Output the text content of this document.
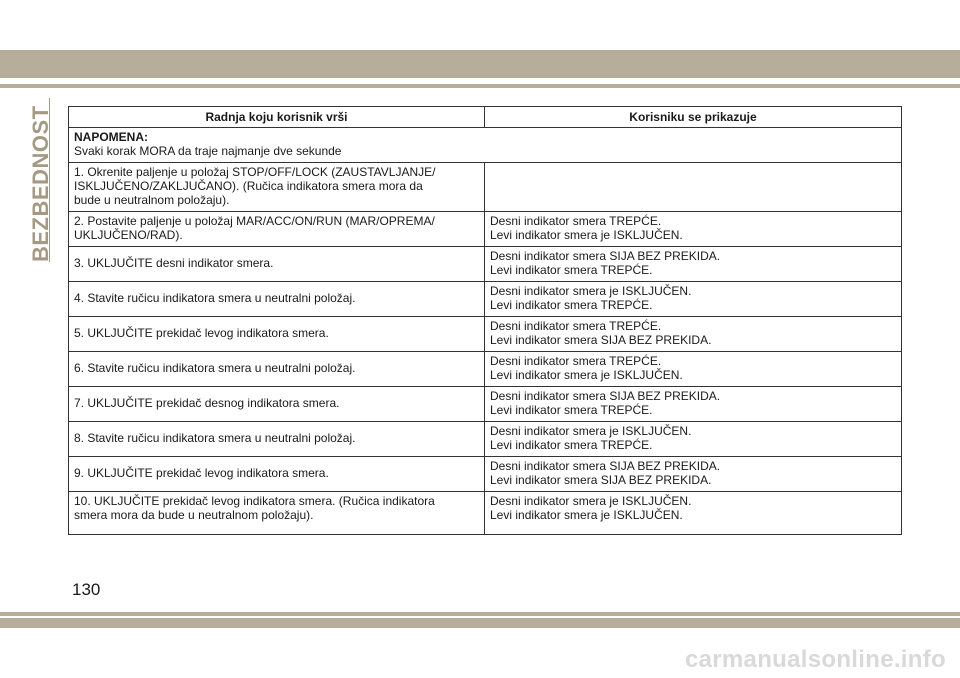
BEZBEDNOST	Radnja koju korisnik vrši	Korisniku se prikazuje

NAPOMENA:
Svaki korak MORA da traje najmanje dve sekunde	

1. Okrenite paljenje u položaj STOP/OFF/LOCK (ZAUSTAVLJANJE/
ISKLJUČENO/ZAKLJUČANO). (Ručica indikatora smera mora da
bude u neutralnom položaju).	

2. Postavite paljenje u položaj MAR/ACC/ON/RUN (MAR/OPREMA/
UKLJUČENO/RAD).	Desni indikator smera TREPĆE.
Levi indikator smera je ISKLJUČEN.

3. UKLJUČITE desni indikator smera.	Desni indikator smera SIJA BEZ PREKIDA.
Levi indikator smera TREPĆE.

4. Stavite ručicu indikatora smera u neutralni položaj.	Desni indikator smera je ISKLJUČEN.
Levi indikator smera TREPĆE.

5. UKLJUČITE prekidač levog indikatora smera.	Desni indikator smera TREPĆE.
Levi indikator smera SIJA BEZ PREKIDA.

6. Stavite ručicu indikatora smera u neutralni položaj.	Desni indikator smera TREPĆE.
Levi indikator smera je ISKLJUČEN.

7. UKLJUČITE prekidač desnog indikatora smera.	Desni indikator smera SIJA BEZ PREKIDA.
Levi indikator smera TREPĆE.

8. Stavite ručicu indikatora smera u neutralni položaj.	Desni indikator smera je ISKLJUČEN.
Levi indikator smera TREPĆE.

9. UKLJUČITE prekidač levog indikatora smera.	Desni indikator smera SIJA BEZ PREKIDA.
Levi indikator smera SIJA BEZ PREKIDA.

10. UKLJUČITE prekidač levog indikatora smera. (Ručica indikatora
smera mora da bude u neutralnom položaju).	Desni indikator smera je ISKLJUČEN.
Levi indikator smera je ISKLJUČEN.
130
carmanualsonline.info
